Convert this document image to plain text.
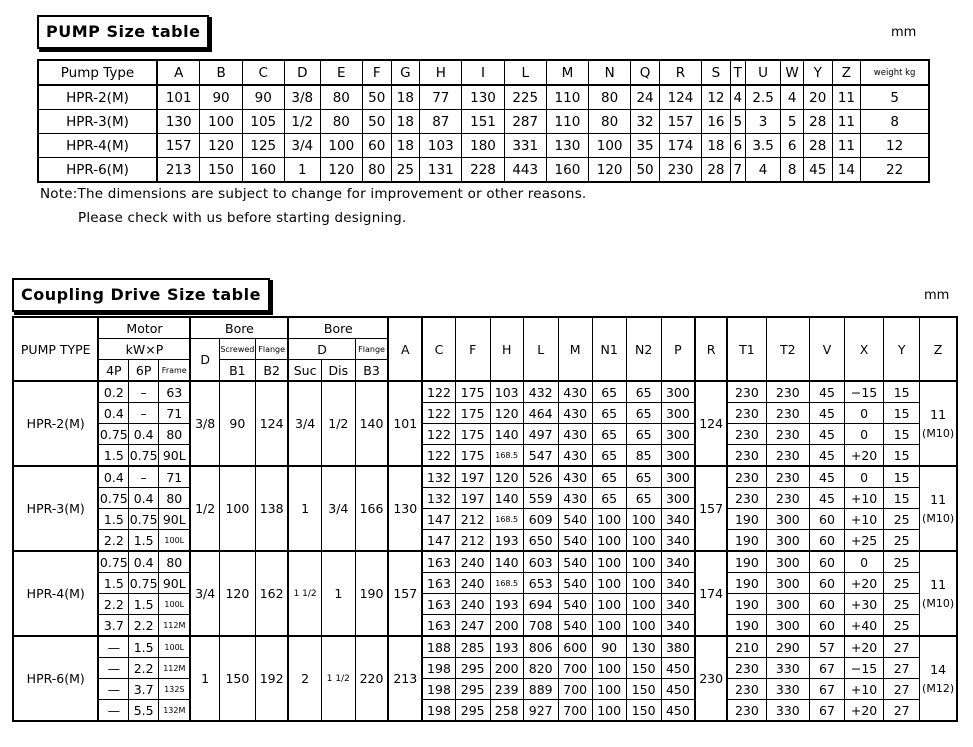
PUMP Size table	mm
Pump Type	A	B	C	D	E	F	G	H	I	L	M	N	Q	R	S	T	U	W	Y	Z	weight kg
HPR-2(M)	101	90	90	3/8	80	50	18	77	130	225	110	80	24	124	12	4	2.5	4	20	11	5
HPR-3(M)	130	100	105	1/2	80	50	18	87	151	287	110	80	32	157	16	5	3	5	28	11	8
HPR-4(M)	157	120	125	3/4	100	60	18	103	180	331	130	100	35	174	18	6	3.5	6	28	11	12
HPR-6(M)	213	150	160	1	120	80	25	131	228	443	160	120	50	230	28	7	4	8	45	14	22
Note:The dimensions are subject to change for improvement or other reasons.
Please check with us before starting designing.
Coupling Drive Size table	mm
PUMP TYPE	Motor			Bore			Bore			A	C	F	H	L	M	N1	N2	P	R	T1	T2	V	X	Y	Z
	kW×P			D	Screwed	Flange	D		Flange																
	4P	6P	Frame		B1	B2	Suc	Dis	B3																
HPR-2(M)	0.2	–	63	3/8	90	124	3/4	1/2	140	101	122	175	103	432	430	65	65	300	124	230	230	45	−15	15	11
(M10)

	0.4	–	71								122	175	120	464	430	65	65	300		230	230	45	0	15	
	0.75	0.4	80								122	175	140	497	430	65	65	300		230	230	45	0	15	
	1.5	0.75	90L								122	175	168.5	547	430	65	85	300		230	230	45	+20	15	
HPR-3(M)	0.4	–	71	1/2	100	138	1	3/4	166	130	132	197	120	526	430	65	65	300	157	230	230	45	0	15	11
(M10)

	0.75	0.4	80								132	197	140	559	430	65	65	300		230	230	45	+10	15	
	1.5	0.75	90L								147	212	168.5	609	540	100	100	340		190	300	60	+10	25	
	2.2	1.5	100L								147	212	193	650	540	100	100	340		190	300	60	+25	25	
HPR-4(M)	0.75	0.4	80	3/4	120	162	1 1/2	1	190	157	163	240	140	603	540	100	100	340	174	190	300	60	0	25	11
(M10)

	1.5	0.75	90L								163	240	168.5	653	540	100	100	340		190	300	60	+20	25	
	2.2	1.5	100L								163	240	193	694	540	100	100	340		190	300	60	+30	25	
	3.7	2.2	112M								163	247	200	708	540	100	100	340		190	300	60	+40	25	
HPR-6(M)	—	1.5	100L	1	150	192	2	1 1/2	220	213	188	285	193	806	600	90	130	380	230	210	290	57	+20	27	14
(M12)

	—	2.2	112M								198	295	200	820	700	100	150	450		230	330	67	−15	27	
	—	3.7	132S								198	295	239	889	700	100	150	450		230	330	67	+10	27	
	—	5.5	132M								198	295	258	927	700	100	150	450		230	330	67	+20	27	
